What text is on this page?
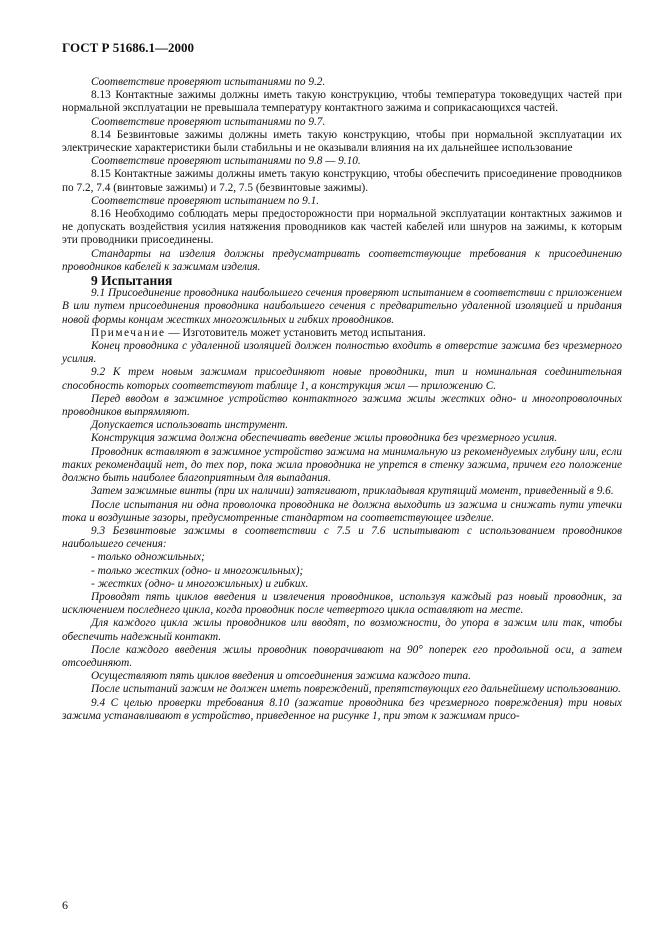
ГОСТ Р 51686.1—2000

Соответствие проверяют испытаниями по 9.2.

8.13 Контактные зажимы должны иметь такую конструкцию, чтобы температура токоведущих частей при нормальной эксплуатации не превышала температуру контактного зажима и соприкасающихся частей.

Соответствие проверяют испытаниями по 9.7.

8.14 Безвинтовые зажимы должны иметь такую конструкцию, чтобы при нормальной эксплуатации их электрические характеристики были стабильны и не оказывали влияния на их дальнейшее использование

Соответствие проверяют испытаниями по 9.8 — 9.10.

8.15 Контактные зажимы должны иметь такую конструкцию, чтобы обеспечить присоединение проводников по 7.2, 7.4 (винтовые зажимы) и 7.2, 7.5 (безвинтовые зажимы).

Соответствие проверяют испытанием по 9.1.

8.16 Необходимо соблюдать меры предосторожности при нормальной эксплуатации контактных зажимов и не допускать воздействия усилия натяжения проводников как частей кабелей или шнуров на зажимы, к которым эти проводники присоединены.

Стандарты на изделия должны предусматривать соответствующие требования к присоединению проводников кабелей к зажимам изделия.

9 Испытания

9.1 Присоединение проводника наибольшего сечения проверяют испытанием в соответствии с приложением В или путем присоединения проводника наибольшего сечения с предварительно удаленной изоляцией и придания новой формы концам жестких многожильных и гибких проводников.

Примечание — Изготовитель может установить метод испытания.

Конец проводника с удаленной изоляцией должен полностью входить в отверстие зажима без чрезмерного усилия.

9.2 К трем новым зажимам присоединяют новые проводники, тип и номинальная соединительная способность которых соответствуют таблице 1, а конструкция жил — приложению С.

Перед вводом в зажимное устройство контактного зажима жилы жестких одно- и многопроволочных проводников выпрямляют.

Допускается использовать инструмент.

Конструкция зажима должна обеспечивать введение жилы проводника без чрезмерного усилия.

Проводник вставляют в зажимное устройство зажима на минимальную из рекомендуемых глубину или, если таких рекомендаций нет, до тех пор, пока жила проводника не упрется в стенку зажима, причем его положение должно быть наиболее благоприятным для выпадания.

Затем зажимные винты (при их наличии) затягивают, прикладывая крутящий момент, приведенный в 9.6.

После испытания ни одна проволочка проводника не должна выходить из зажима и снижать пути утечки тока и воздушные зазоры, предусмотренные стандартом на соответствующее изделие.

9.3 Безвинтовые зажимы в соответствии с 7.5 и 7.6 испытывают с использованием проводников наибольшего сечения:

- только одножильных;

- только жестких (одно- и многожильных);

- жестких (одно- и многожильных) и гибких.

Проводят пять циклов введения и извлечения проводников, используя каждый раз новый проводник, за исключением последнего цикла, когда проводник после четвертого цикла оставляют на месте.

Для каждого цикла жилы проводников или вводят, по возможности, до упора в зажим или так, чтобы обеспечить надежный контакт.

После каждого введения жилы проводник поворачивают на 90° поперек его продольной оси, а затем отсоединяют.

Осуществляют пять циклов введения и отсоединения зажима каждого типа.

После испытаний зажим не должен иметь повреждений, препятствующих его дальнейшему использованию.

9.4 С целью проверки требования 8.10 (зажатие проводника без чрезмерного повреждения) три новых зажима устанавливают в устройство, приведенное на рисунке 1, при этом к зажимам присо-

6
